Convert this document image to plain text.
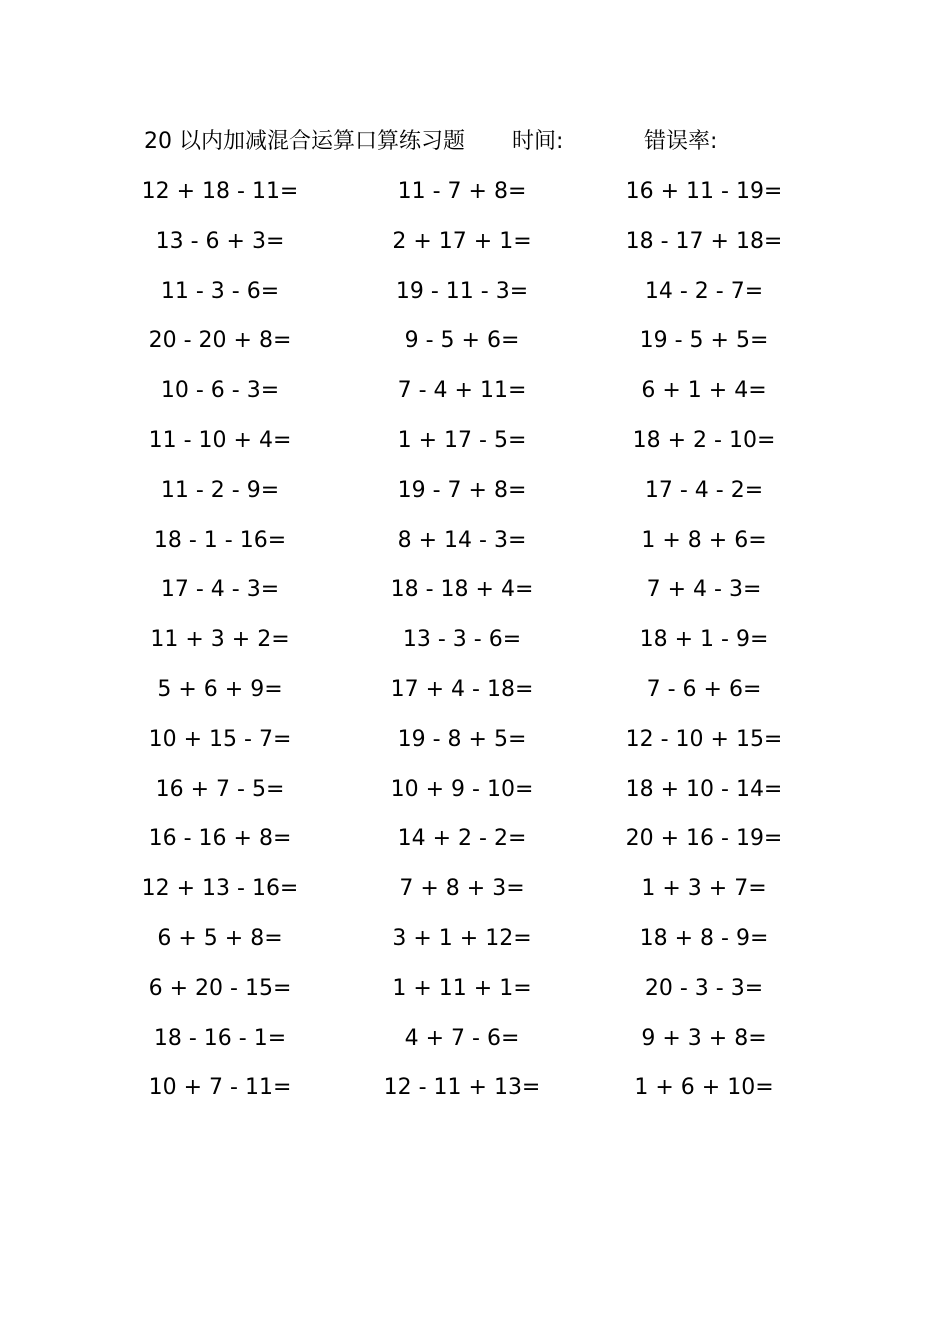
20 以内加减混合运算口算练习题 时间:	错误率:
12 + 18 - 11=	11 - 7 + 8=	16 + 11 - 19=
13 - 6 + 3=	2 + 17 + 1=	18 - 17 + 18=
11 - 3 - 6=	19 - 11 - 3=	14 - 2 - 7=
20 - 20 + 8=	9 - 5 + 6=	19 - 5 + 5=
10 - 6 - 3=	7 - 4 + 11=	6 + 1 + 4=
11 - 10 + 4=	1 + 17 - 5=	18 + 2 - 10=
11 - 2 - 9=	19 - 7 + 8=	17 - 4 - 2=
18 - 1 - 16=	8 + 14 - 3=	1 + 8 + 6=
17 - 4 - 3=	18 - 18 + 4=	7 + 4 - 3=
11 + 3 + 2=	13 - 3 - 6=	18 + 1 - 9=
5 + 6 + 9=	17 + 4 - 18=	7 - 6 + 6=
10 + 15 - 7=	19 - 8 + 5=	12 - 10 + 15=
16 + 7 - 5=	10 + 9 - 10=	18 + 10 - 14=
16 - 16 + 8=	14 + 2 - 2=	20 + 16 - 19=
12 + 13 - 16=	7 + 8 + 3=	1 + 3 + 7=
6 + 5 + 8=	3 + 1 + 12=	18 + 8 - 9=
6 + 20 - 15=	1 + 11 + 1=	20 - 3 - 3=
18 - 16 - 1=	4 + 7 - 6=	9 + 3 + 8=
10 + 7 - 11=	12 - 11 + 13=	1 + 6 + 10=
